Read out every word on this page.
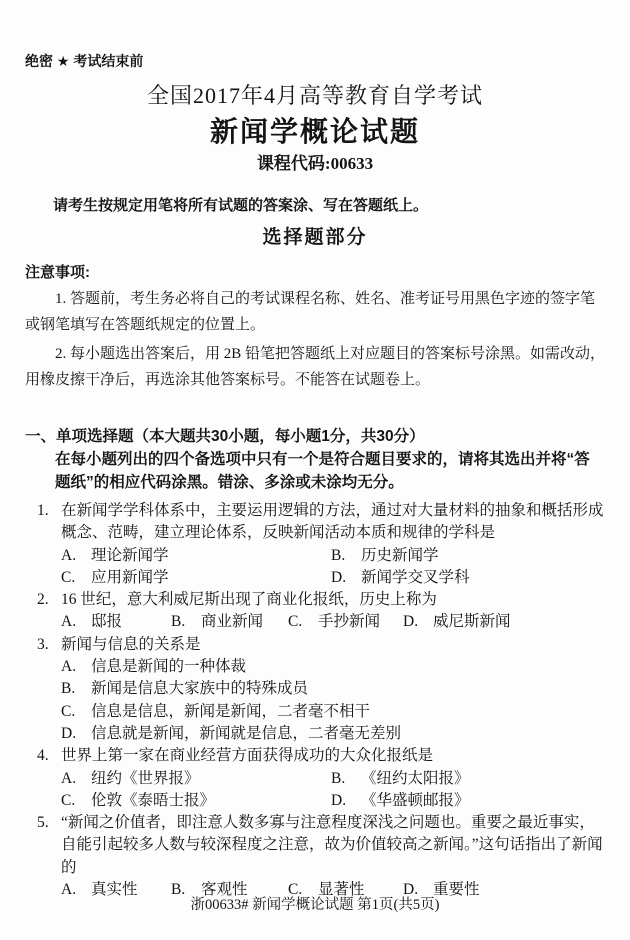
绝密 ★ 考试结束前
全国2017年4月高等教育自学考试
新闻学概论试题
课程代码:00633

请考生按规定用笔将所有试题的答案涂、写在答题纸上。

选择题部分
注意事项:

1. 答题前，考生务必将自己的考试课程名称、姓名、准考证号用黑色字迹的签字笔或钢笔填写在答题纸规定的位置上。

2. 每小题选出答案后，用 2B 铅笔把答题纸上对应题目的答案标号涂黑。如需改动，用橡皮擦干净后，再选涂其他答案标号。不能答在试题卷上。

一、单项选择题（本大题共30小题，每小题1分，共30分）

在每小题列出的四个备选项中只有一个是符合题目要求的，请将其选出并将“答题纸”的相应代码涂黑。错涂、多涂或未涂均无分。

1. 在新闻学学科体系中，主要运用逻辑的方法，通过对大量材料的抽象和概括形成概念、范畴，建立理论体系，反映新闻活动本质和规律的学科是

A. 理论新闻学	B. 历史新闻学
C. 应用新闻学	D. 新闻学交叉学科

2. 16 世纪，意大利威尼斯出现了商业化报纸，历史上称为

A. 邸报	B. 商业新闻	C. 手抄新闻	D. 威尼斯新闻

3. 新闻与信息的关系是

A. 信息是新闻的一种体裁
B. 新闻是信息大家族中的特殊成员
C. 信息是信息，新闻是新闻，二者毫不相干
D. 信息就是新闻，新闻就是信息，二者毫无差别

4. 世界上第一家在商业经营方面获得成功的大众化报纸是

A. 纽约《世界报》	B. 《纽约太阳报》
C. 伦敦《泰晤士报》	D. 《华盛顿邮报》

5. “新闻之价值者，即注意人数多寡与注意程度深浅之问题也。重要之最近事实，自能引起较多人数与较深程度之注意，故为价值较高之新闻。”这句话指出了新闻的

A. 真实性	B. 客观性	C. 显著性	D. 重要性
浙00633# 新闻学概论试题 第1页(共5页)
